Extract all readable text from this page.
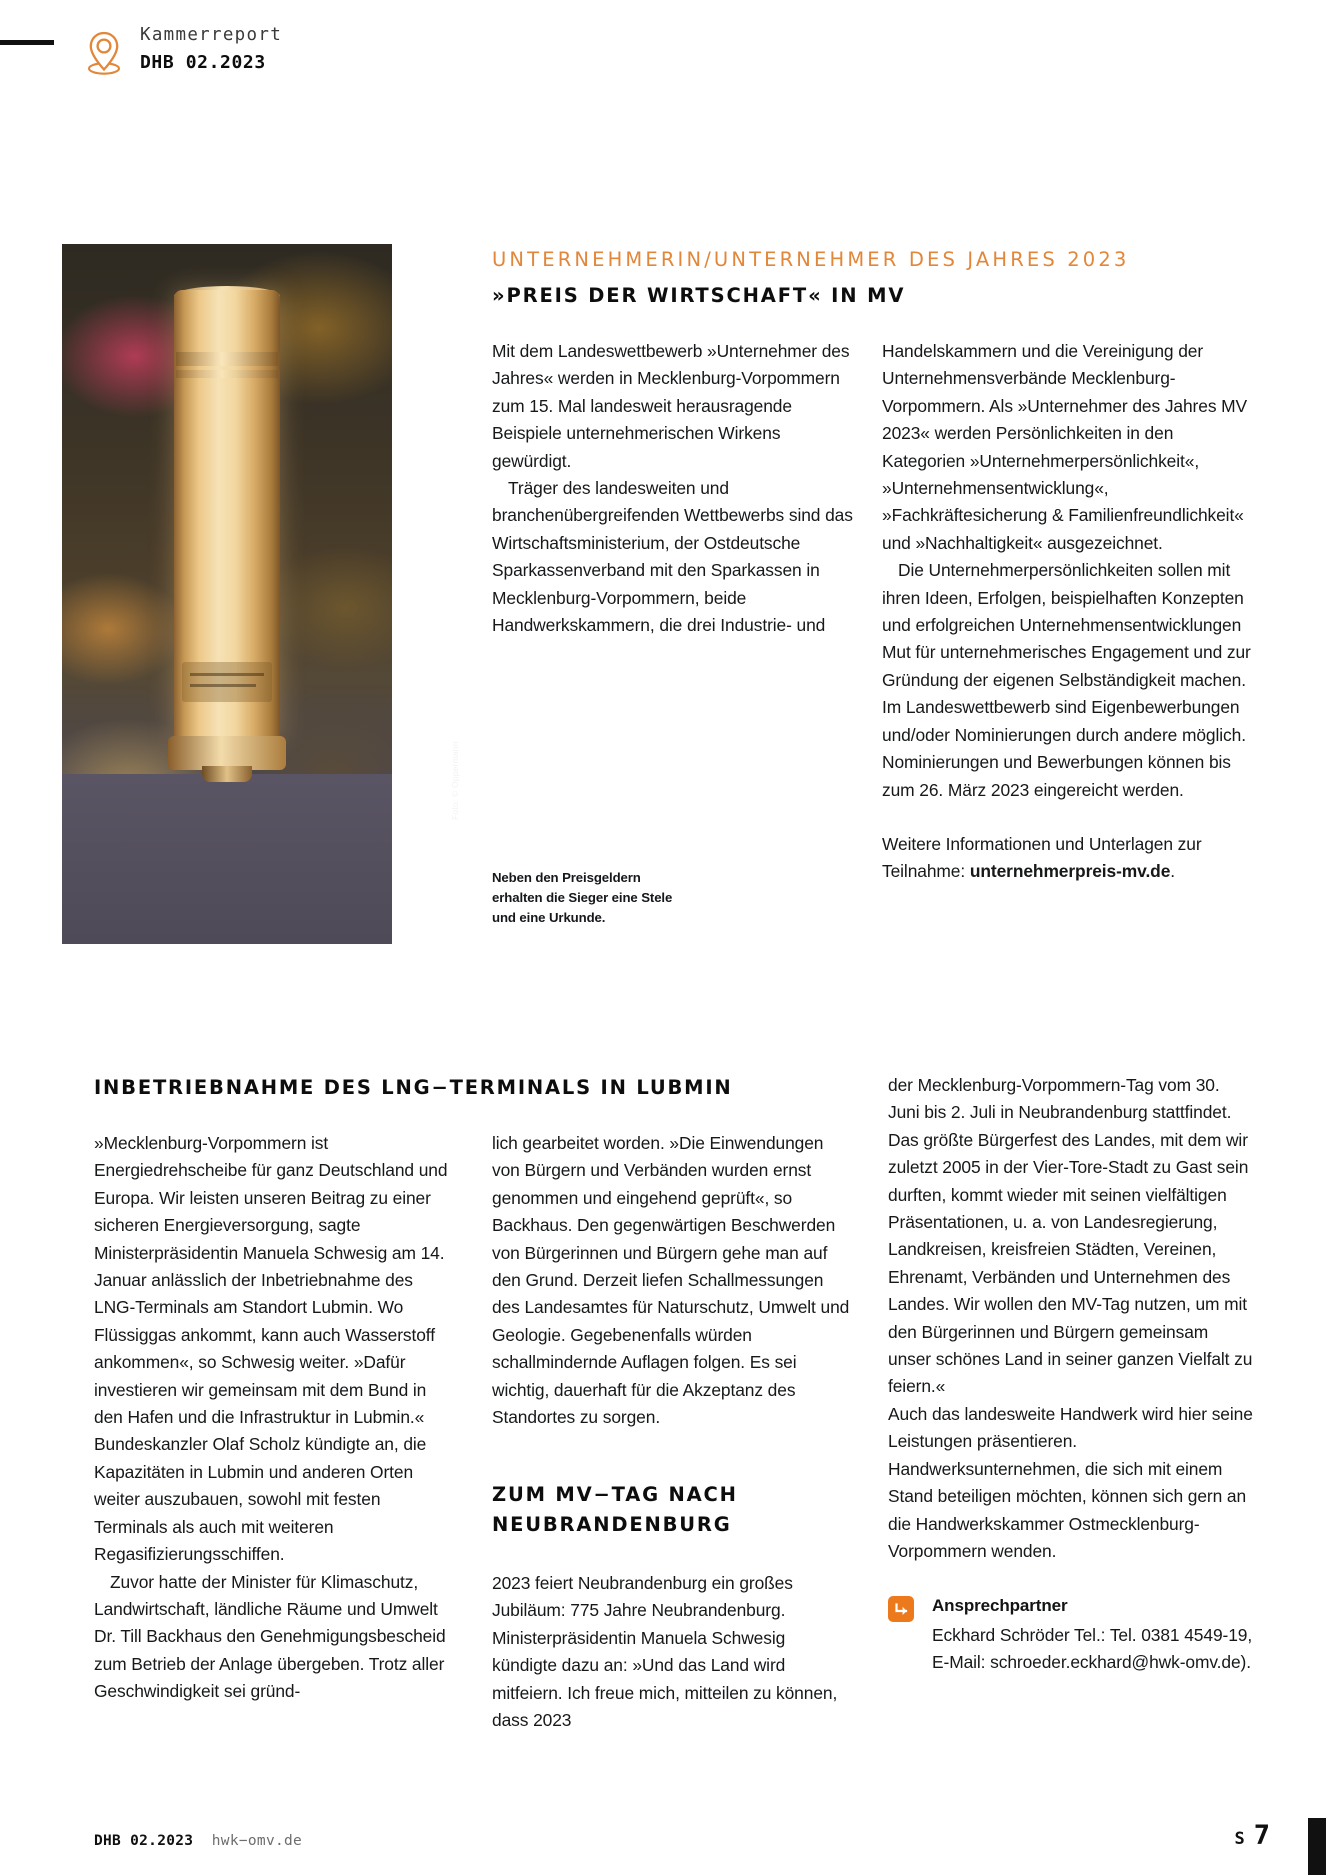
Kammerreport
DHB 02.2023
Foto: © Oppermann
UNTERNEHMERIN/UNTERNEHMER DES JAHRES 2023
»PREIS DER WIRTSCHAFT« IN MV

Mit dem Landeswettbewerb »Unternehmer des Jahres« werden in Mecklenburg-Vorpommern zum 15. Mal landesweit herausragende Beispiele unternehmerischen Wirkens gewürdigt.

Träger des landesweiten und branchenübergreifenden Wettbewerbs sind das Wirtschaftsministerium, der Ostdeutsche Sparkassenverband mit den Sparkassen in Mecklenburg-Vorpommern, beide Handwerkskammern, die drei Industrie- und

Handelskammern und die Vereinigung der Unternehmensverbände Mecklenburg-Vorpommern. Als »Unternehmer des Jahres MV 2023« werden Persönlichkeiten in den Kategorien »Unternehmerpersönlichkeit«, »Unternehmensentwicklung«, »Fachkräftesicherung & Familienfreundlichkeit« und »Nachhaltigkeit« ausgezeichnet.

Die Unternehmerpersönlichkeiten sollen mit ihren Ideen, Erfolgen, beispielhaften Konzepten und erfolgreichen Unternehmensentwicklungen Mut für unternehmerisches Engagement und zur Gründung der eigenen Selbständigkeit machen. Im Landeswettbewerb sind Eigenbewerbungen und/oder Nominierungen durch andere möglich. Nominierungen und Bewerbungen können bis zum 26. März 2023 eingereicht werden.

Weitere Informationen und Unterlagen zur Teilnahme: unternehmerpreis-mv.de.

Neben den Preisgeldern erhalten die Sieger eine Stele und eine Urkunde.
INBETRIEBNAHME DES LNG−TERMINALS IN LUBMIN

»Mecklenburg-Vorpommern ist Energiedrehscheibe für ganz Deutschland und Europa. Wir leisten unseren Beitrag zu einer sicheren Energieversorgung, sagte Ministerpräsidentin Manuela Schwesig am 14. Januar anlässlich der Inbetriebnahme des LNG-Terminals am Standort Lubmin. Wo Flüssiggas ankommt, kann auch Wasserstoff ankommen«, so Schwesig weiter. »Dafür investieren wir gemeinsam mit dem Bund in den Hafen und die Infrastruktur in Lubmin.« Bundeskanzler Olaf Scholz kündigte an, die Kapazitäten in Lubmin und anderen Orten weiter auszubauen, sowohl mit festen Terminals als auch mit weiteren Regasifizierungsschiffen.

Zuvor hatte der Minister für Klimaschutz, Landwirtschaft, ländliche Räume und Umwelt Dr. Till Backhaus den Genehmigungsbescheid zum Betrieb der Anlage übergeben. Trotz aller Geschwindigkeit sei gründ-

lich gearbeitet worden. »Die Einwendungen von Bürgern und Verbänden wurden ernst genommen und eingehend geprüft«, so Backhaus. Den gegenwärtigen Beschwerden von Bürgerinnen und Bürgern gehe man auf den Grund. Derzeit liefen Schallmessungen des Landesamtes für Naturschutz, Umwelt und Geologie. Gegebenenfalls würden schallmindernde Auflagen folgen. Es sei wichtig, dauerhaft für die Akzeptanz des Standortes zu sorgen.

ZUM MV−TAG NACH NEUBRANDENBURG

2023 feiert Neubrandenburg ein großes Jubiläum: 775 Jahre Neubrandenburg. Ministerpräsidentin Manuela Schwesig kündigte dazu an: »Und das Land wird mitfeiern. Ich freue mich, mitteilen zu können, dass 2023

der Mecklenburg-Vorpommern-Tag vom 30. Juni bis 2. Juli in Neubrandenburg stattfindet. Das größte Bürgerfest des Landes, mit dem wir zuletzt 2005 in der Vier-Tore-Stadt zu Gast sein durften, kommt wieder mit seinen vielfältigen Präsentationen, u. a. von Landesregierung, Landkreisen, kreisfreien Städten, Vereinen, Ehrenamt, Verbänden und Unternehmen des Landes. Wir wollen den MV-Tag nutzen, um mit den Bürgerinnen und Bürgern gemeinsam unser schönes Land in seiner ganzen Vielfalt zu feiern.«

Auch das landesweite Handwerk wird hier seine Leistungen präsentieren. Handwerksunternehmen, die sich mit einem Stand beteiligen möchten, können sich gern an die Handwerkskammer Ostmecklenburg-Vorpommern wenden.

Ansprechpartner
Eckhard Schröder Tel.: Tel. 0381 4549-19, E-Mail: schroeder.eckhard@hwk-omv.de).
DHB 02.2023 hwk−omv.de	S 7
